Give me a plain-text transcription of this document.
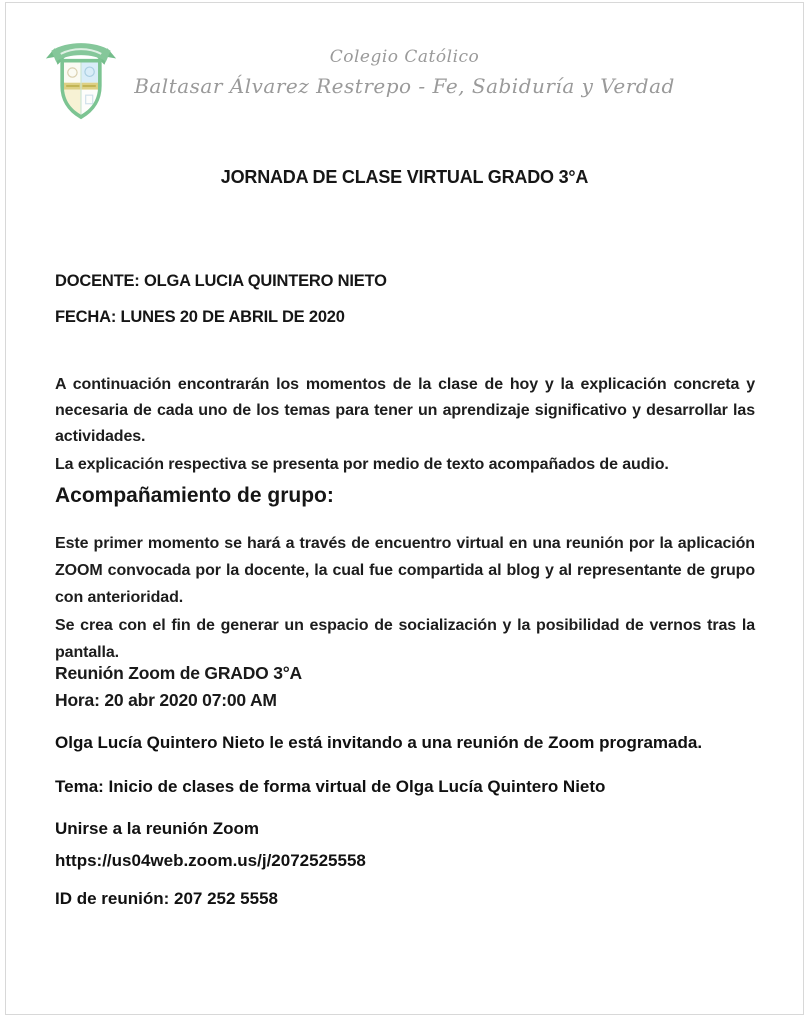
Colegio Católico
Baltasar Álvarez Restrepo - Fe, Sabiduría y Verdad
JORNADA DE CLASE VIRTUAL GRADO 3°A
DOCENTE: OLGA LUCIA QUINTERO NIETO
FECHA: LUNES 20 DE ABRIL DE 2020
A continuación encontrarán los momentos de la clase de hoy y la explicación concreta y necesaria de cada uno de los temas para tener un aprendizaje significativo y desarrollar las actividades.
La explicación respectiva se presenta por medio de texto acompañados de audio.
Acompañamiento de grupo:
Este primer momento se hará a través de encuentro virtual en una reunión por la aplicación ZOOM convocada por la docente, la cual fue compartida al blog y al representante de grupo con anterioridad.
Se crea con el fin de generar un espacio de socialización y la posibilidad de vernos tras la pantalla.
Reunión Zoom de GRADO 3°A
Hora: 20 abr 2020 07:00 AM
Olga Lucía Quintero Nieto le está invitando a una reunión de Zoom programada.
Tema: Inicio de clases de forma virtual de Olga Lucía Quintero Nieto
Unirse a la reunión Zoom
https://us04web.zoom.us/j/2072525558
ID de reunión: 207 252 5558
